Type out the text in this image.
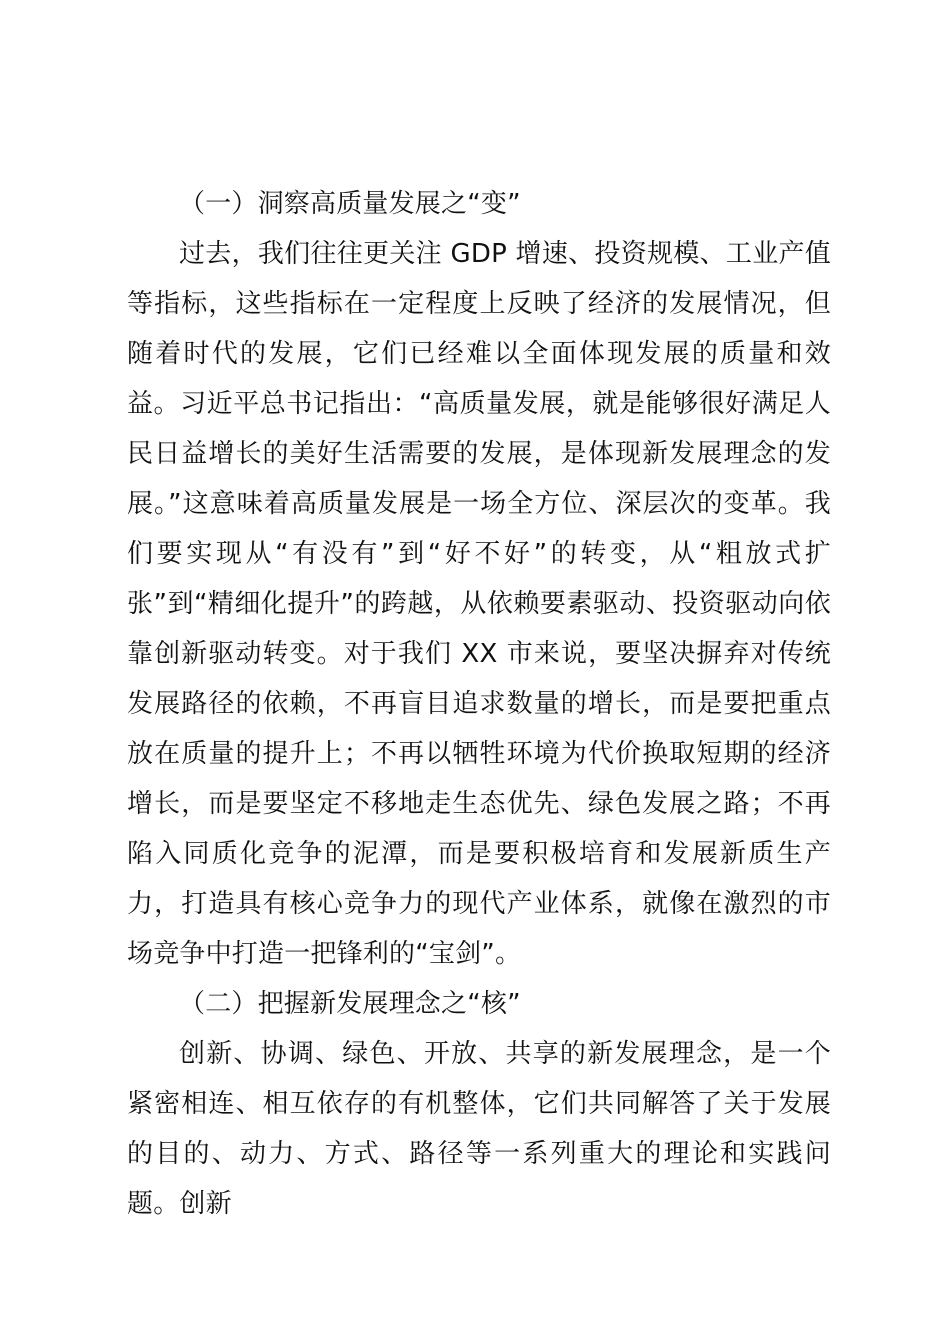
（一）洞察高质量发展之“变”

过去，我们往往更关注 GDP 增速、投资规模、工业产值等指标，这些指标在一定程度上反映了经济的发展情况，但随着时代的发展，它们已经难以全面体现发展的质量和效益。习近平总书记指出：“高质量发展，就是能够很好满足人民日益增长的美好生活需要的发展，是体现新发展理念的发展。”这意味着高质量发展是一场全方位、深层次的变革。我们要实现从“有没有”到“好不好”的转变，从“粗放式扩张”到“精细化提升”的跨越，从依赖要素驱动、投资驱动向依靠创新驱动转变。对于我们 XX 市来说，要坚决摒弃对传统发展路径的依赖，不再盲目追求数量的增长，而是要把重点放在质量的提升上；不再以牺牲环境为代价换取短期的经济增长，而是要坚定不移地走生态优先、绿色发展之路；不再陷入同质化竞争的泥潭，而是要积极培育和发展新质生产力，打造具有核心竞争力的现代产业体系，就像在激烈的市场竞争中打造一把锋利的“宝剑”。

（二）把握新发展理念之“核”

创新、协调、绿色、开放、共享的新发展理念，是一个紧密相连、相互依存的有机整体，它们共同解答了关于发展的目的、动力、方式、路径等一系列重大的理论和实践问题。创新
